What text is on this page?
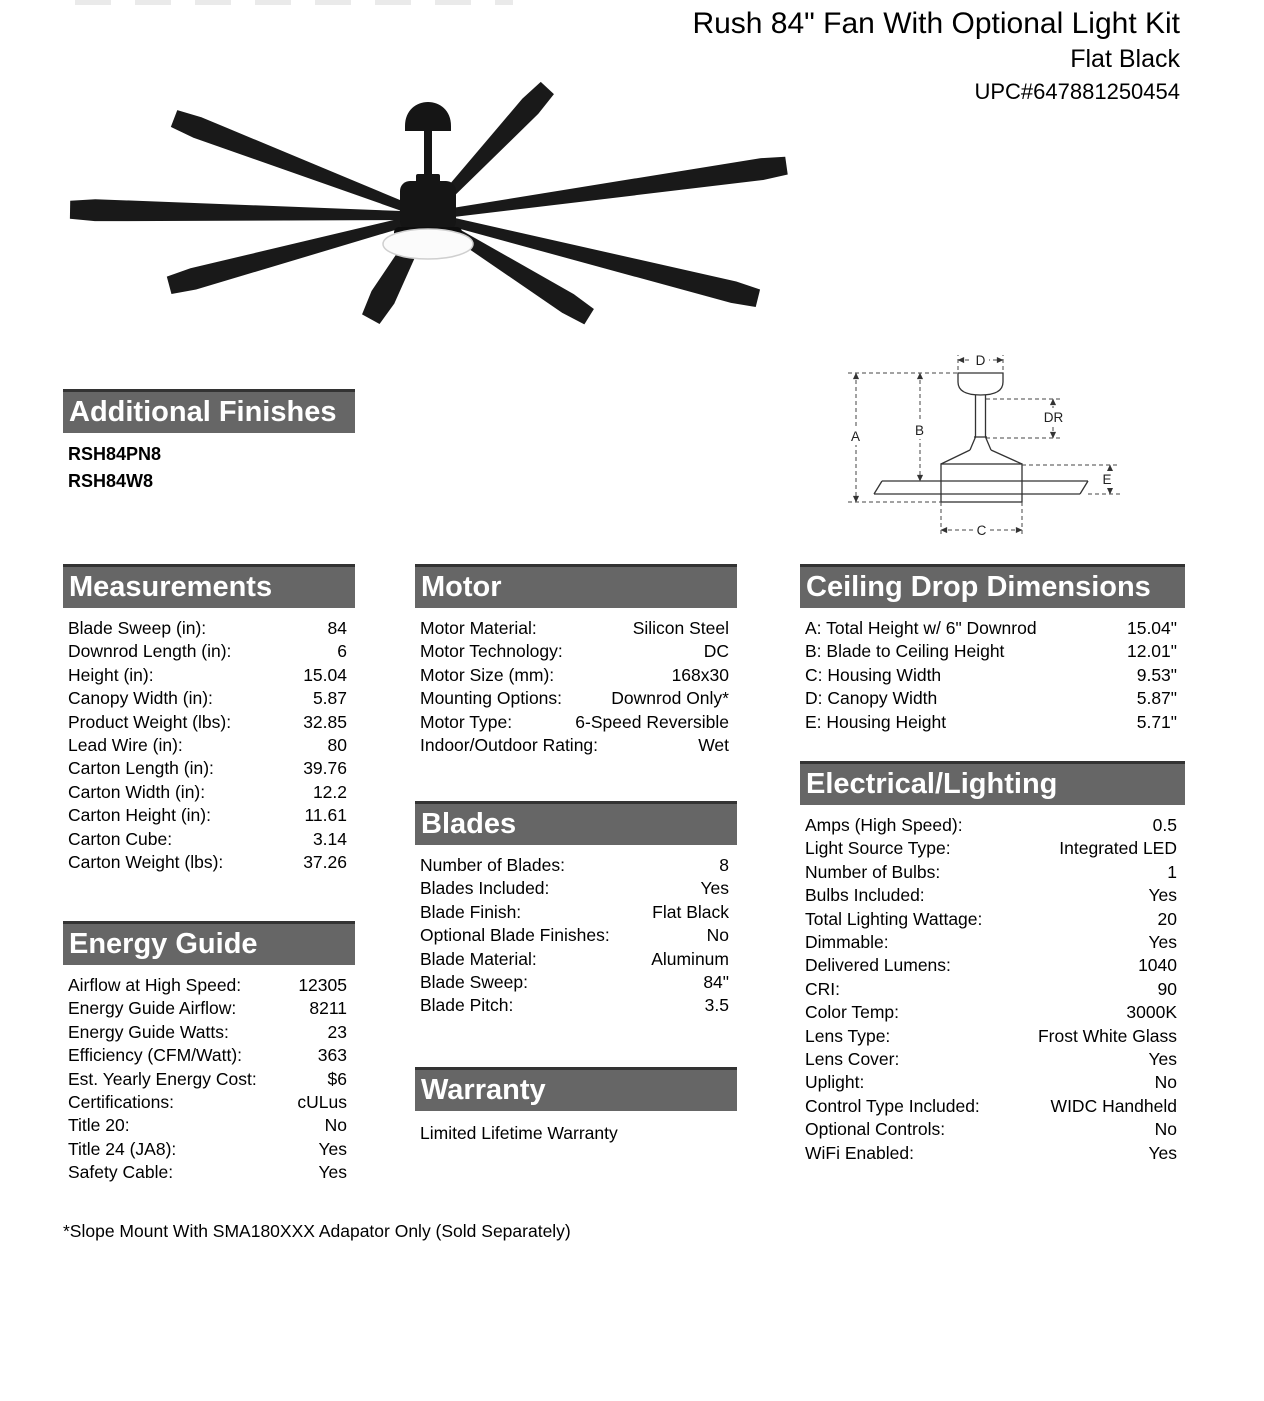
Rush 84" Fan With Optional Light Kit
Flat Black
UPC#647881250454
D
A	B
DR
E
C
Additional Finishes
RSH84PN8
RSH84W8
Measurements
Blade Sweep (in):	84
Downrod Length (in):	6
Height (in):	15.04
Canopy Width (in):	5.87
Product Weight (lbs):	32.85
Lead Wire (in):	80
Carton Length (in):	39.76
Carton Width (in):	12.2
Carton Height (in):	11.61
Carton Cube:	3.14
Carton Weight (lbs):	37.26
Energy Guide
Airflow at High Speed:	12305
Energy Guide Airflow:	8211
Energy Guide Watts:	23
Efficiency (CFM/Watt):	363
Est. Yearly Energy Cost:	$6
Certifications:	cULus
Title 20:	No
Title 24 (JA8):	Yes
Safety Cable:	Yes
Motor
Motor Material:	Silicon Steel
Motor Technology:	DC
Motor Size (mm):	168x30
Mounting Options:	Downrod Only*
Motor Type:	6-Speed Reversible
Indoor/Outdoor Rating:	Wet
Blades
Number of Blades:	8
Blades Included:	Yes
Blade Finish:	Flat Black
Optional Blade Finishes:	No
Blade Material:	Aluminum
Blade Sweep:	84"
Blade Pitch:	3.5
Warranty
Limited Lifetime Warranty
Ceiling Drop Dimensions
A: Total Height w/ 6" Downrod	15.04"
B: Blade to Ceiling Height	12.01"
C: Housing Width	9.53"
D: Canopy Width	5.87"
E: Housing Height	5.71"
Electrical/Lighting
Amps (High Speed):	0.5
Light Source Type:	Integrated LED
Number of Bulbs:	1
Bulbs Included:	Yes
Total Lighting Wattage:	20
Dimmable:	Yes
Delivered Lumens:	1040
CRI:	90
Color Temp:	3000K
Lens Type:	Frost White Glass
Lens Cover:	Yes
Uplight:	No
Control Type Included:	WIDC Handheld
Optional Controls:	No
WiFi Enabled:	Yes
*Slope Mount With SMA180XXX Adapator Only (Sold Separately)
